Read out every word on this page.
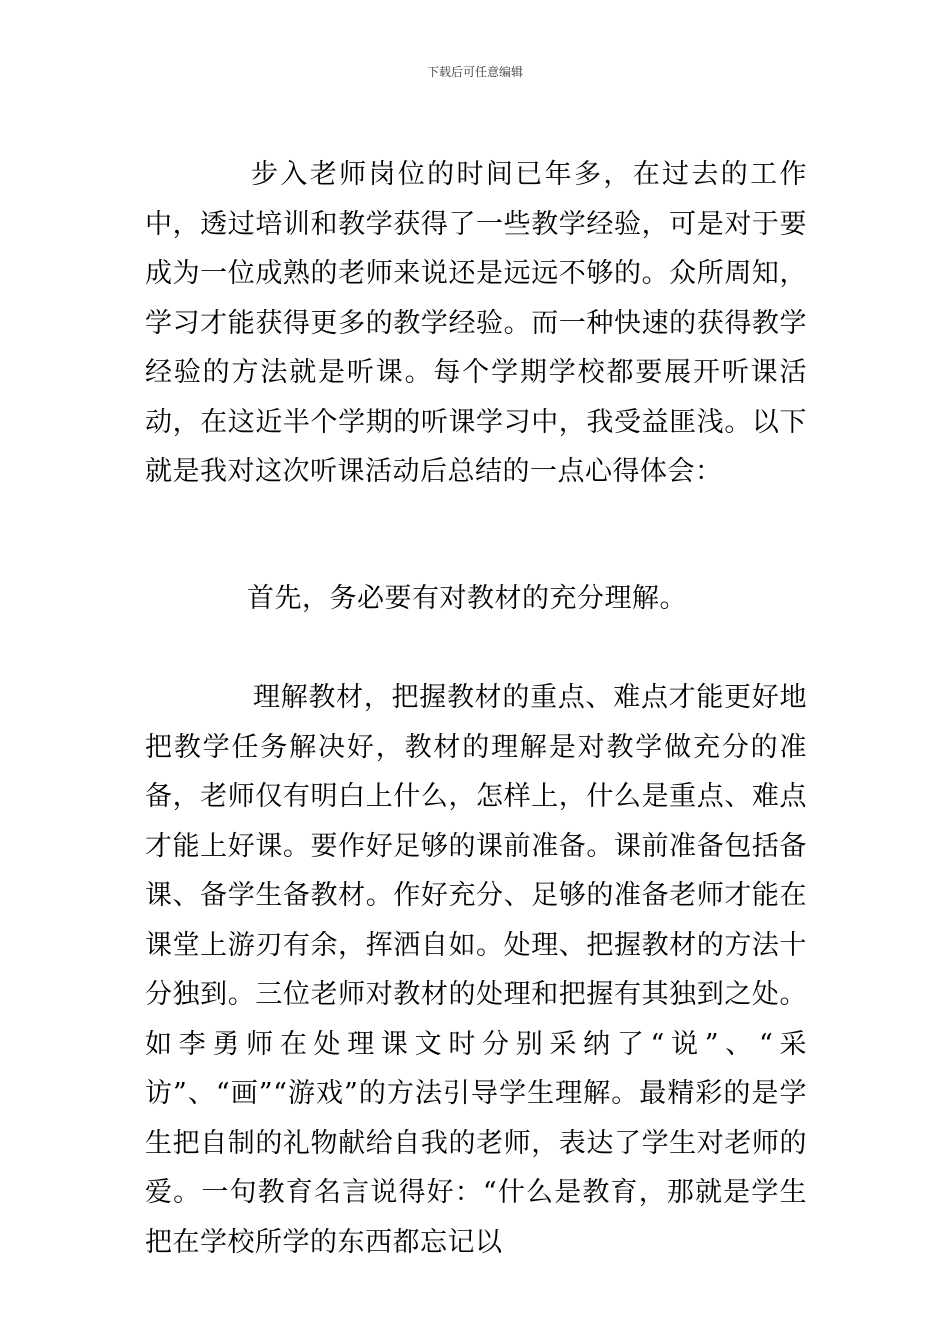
下载后可任意编辑

步入老师岗位的时间已年多，在过去的工作中，透过培训和教学获得了一些教学经验，可是对于要成为一位成熟的老师来说还是远远不够的。众所周知，学习才能获得更多的教学经验。而一种快速的获得教学经验的方法就是听课。每个学期学校都要展开听课活动，在这近半个学期的听课学习中，我受益匪浅。以下就是我对这次听课活动后总结的一点心得体会：

首先，务必要有对教材的充分理解。

理解教材，把握教材的重点、难点才能更好地把教学任务解决好，教材的理解是对教学做充分的准备，老师仅有明白上什么，怎样上，什么是重点、难点才能上好课。要作好足够的课前准备。课前准备包括备课、备学生备教材。作好充分、足够的准备老师才能在课堂上游刃有余，挥洒自如。处理、把握教材的方法十分独到。三位老师对教材的处理和把握有其独到之处。如李勇师在处理课文时分别采纳了“说”、“采访”、“画”“游戏”的方法引导学生理解。最精彩的是学生把自制的礼物献给自我的老师，表达了学生对老师的爱。一句教育名言说得好：“什么是教育，那就是学生把在学校所学的东西都忘记以
